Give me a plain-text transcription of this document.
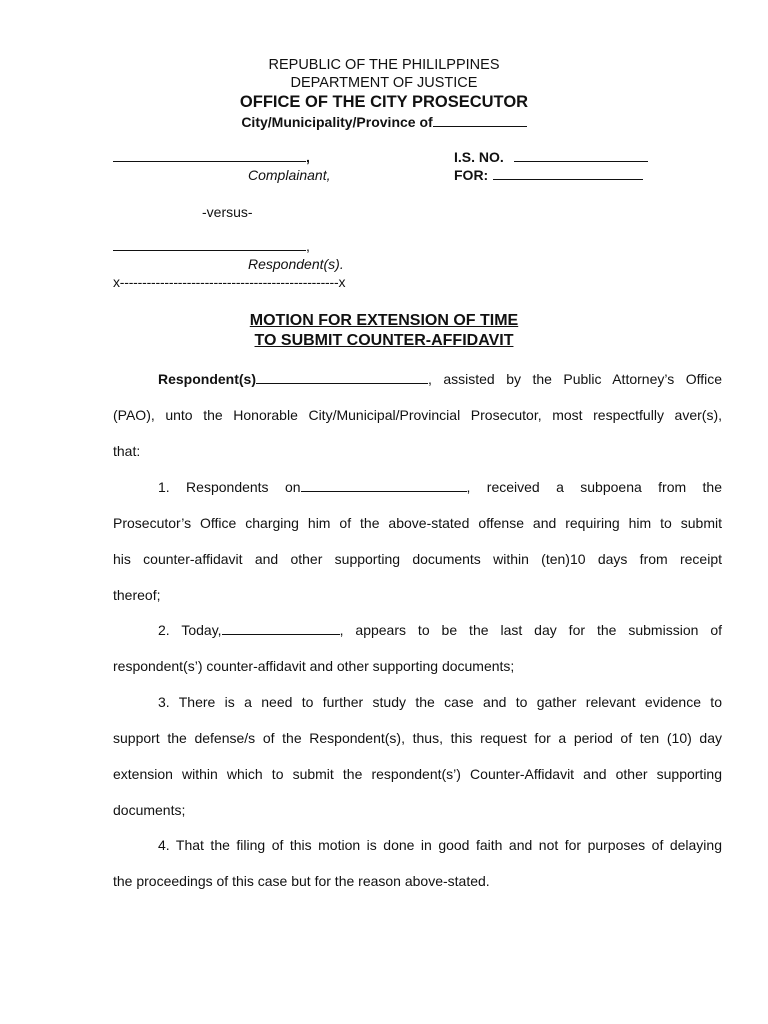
REPUBLIC OF THE PHILILPPINES
DEPARTMENT OF JUSTICE
OFFICE OF THE CITY PROSECUTOR
City/Municipality/Province of
,
Complainant,
I.S. NO.
FOR:
-versus-
,
Respondent(s).
x-------------------------------------------------x
MOTION FOR EXTENSION OF TIME
TO SUBMIT COUNTER-AFFIDAVIT
Respondent(s)	, assisted by the Public Attorney’s Office
(PAO), unto the Honorable City/Municipal/Provincial Prosecutor, most respectfully aver(s),
that:
1. Respondents on	, received a subpoena from the
Prosecutor’s Office charging him of the above-stated offense and requiring him to submit
his counter-affidavit and other supporting documents within (ten)10 days from receipt
thereof;
2. Today,	, appears to be the last day for the submission of
respondent(s’) counter-affidavit and other supporting documents;
3. There is a need to further study the case and to gather relevant evidence to
support the defense/s of the Respondent(s), thus, this request for a period of ten (10) day
extension within which to submit the respondent(s’) Counter-Affidavit and other supporting
documents;
4. That the filing of this motion is done in good faith and not for purposes of delaying
the proceedings of this case but for the reason above-stated.
